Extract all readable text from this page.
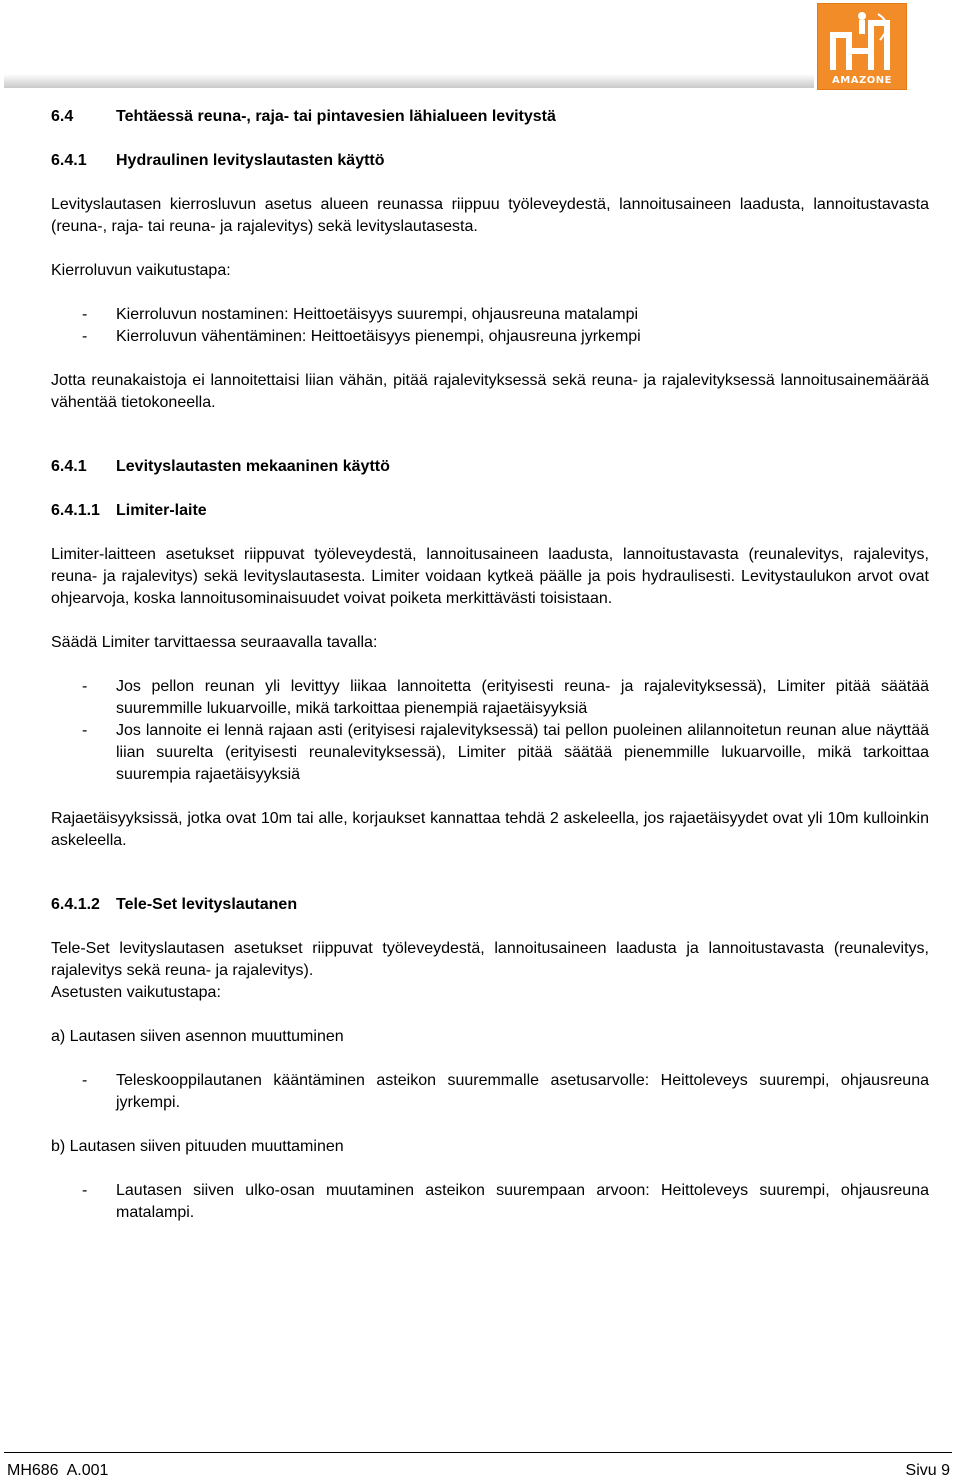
AMAZONE
6.4	Tehtäessä reuna-, raja- tai pintavesien lähialueen levitystä
6.4.1	Hydraulinen levityslautasten käyttö

Levityslautasen kierrosluvun asetus alueen reunassa riippuu työleveydestä, lannoitusaineen laadusta, lannoitustavasta (reuna-, raja- tai reuna- ja rajalevitys) sekä levityslautasesta.

Kierroluvun vaikutustapa:

-	Kierroluvun nostaminen: Heittoetäisyys suurempi, ohjausreuna matalampi
-	Kierroluvun vähentäminen: Heittoetäisyys pienempi, ohjausreuna jyrkempi

Jotta reunakaistoja ei lannoitettaisi liian vähän, pitää rajalevityksessä sekä reuna- ja rajalevityksessä lannoitusainemäärää vähentää tietokoneella.

6.4.1	Levityslautasten mekaaninen käyttö
6.4.1.1	Limiter-laite

Limiter-laitteen asetukset riippuvat työleveydestä, lannoitusaineen laadusta, lannoitustavasta (reunalevitys, rajalevitys, reuna- ja rajalevitys) sekä levityslautasesta. Limiter voidaan kytkeä päälle ja pois hydraulisesti. Levitystaulukon arvot ovat ohjearvoja, koska lannoitusominaisuudet voivat poiketa merkittävästi toisistaan.

Säädä Limiter tarvittaessa seuraavalla tavalla:

-	Jos pellon reunan yli levittyy liikaa lannoitetta (erityisesti reuna- ja rajalevityksessä), Limiter pitää säätää suuremmille lukuarvoille, mikä tarkoittaa pienempiä rajaetäisyyksiä
-	Jos lannoite ei lennä rajaan asti (erityisesi rajalevityksessä) tai pellon puoleinen alilannoitetun reunan alue näyttää liian suurelta (erityisesti reunalevityksessä), Limiter pitää säätää pienemmille lukuarvoille, mikä tarkoittaa suurempia rajaetäisyyksiä

Rajaetäisyyksissä, jotka ovat 10m tai alle, korjaukset kannattaa tehdä 2 askeleella, jos rajaetäisyydet ovat yli 10m kulloinkin askeleella.

6.4.1.2	Tele-Set levityslautanen

Tele-Set levityslautasen asetukset riippuvat työleveydestä, lannoitusaineen laadusta ja lannoitustavasta (reunalevitys, rajalevitys sekä reuna- ja rajalevitys).

Asetusten vaikutustapa:

a) Lautasen siiven asennon muuttuminen

-	Teleskooppilautanen kääntäminen asteikon suuremmalle asetusarvolle: Heittoleveys suurempi, ohjausreuna jyrkempi.

b) Lautasen siiven pituuden muuttaminen

-	Lautasen siiven ulko-osan muutaminen asteikon suurempaan arvoon: Heittoleveys suurempi, ohjausreuna matalampi.
MH686  A.001	Sivu 9
